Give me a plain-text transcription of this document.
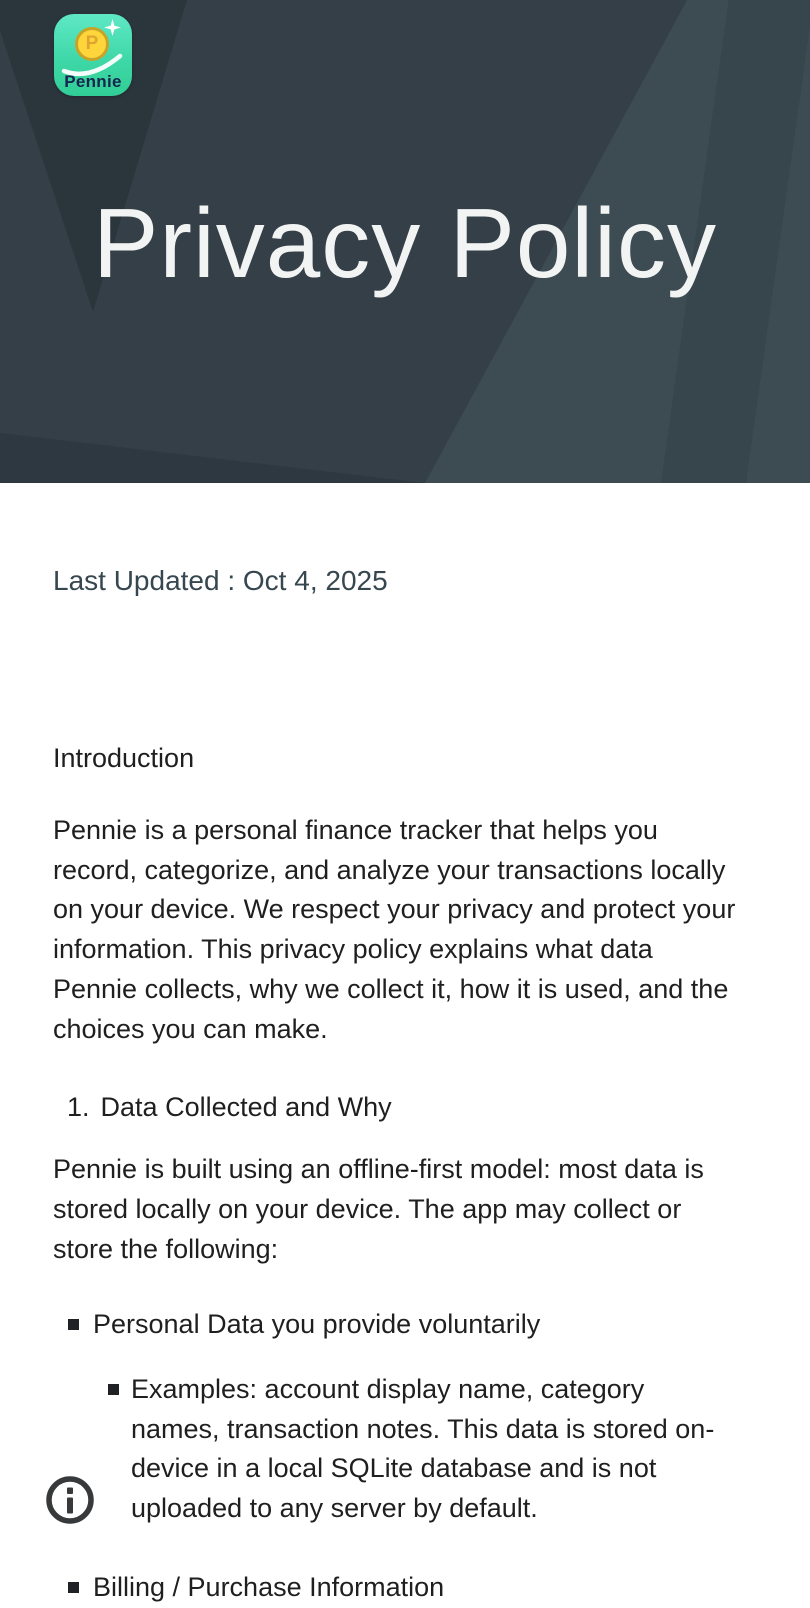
P
Pennie
Privacy Policy
Last Updated : Oct 4, 2025
Introduction

Pennie is a personal finance tracker that helps you record, categorize, and analyze your transactions locally on your device. We respect your privacy and protect your information. This privacy policy explains what data Pennie collects, why we collect it, how it is used, and the choices you can make.

1. Data Collected and Why

Pennie is built using an offline-first model: most data is stored locally on your device. The app may collect or store the following:

Personal Data you provide voluntarily
Examples: account display name, category names, transaction notes. This data is stored on-device in a local SQLite database and is not uploaded to any server by default.
Billing / Purchase Information
